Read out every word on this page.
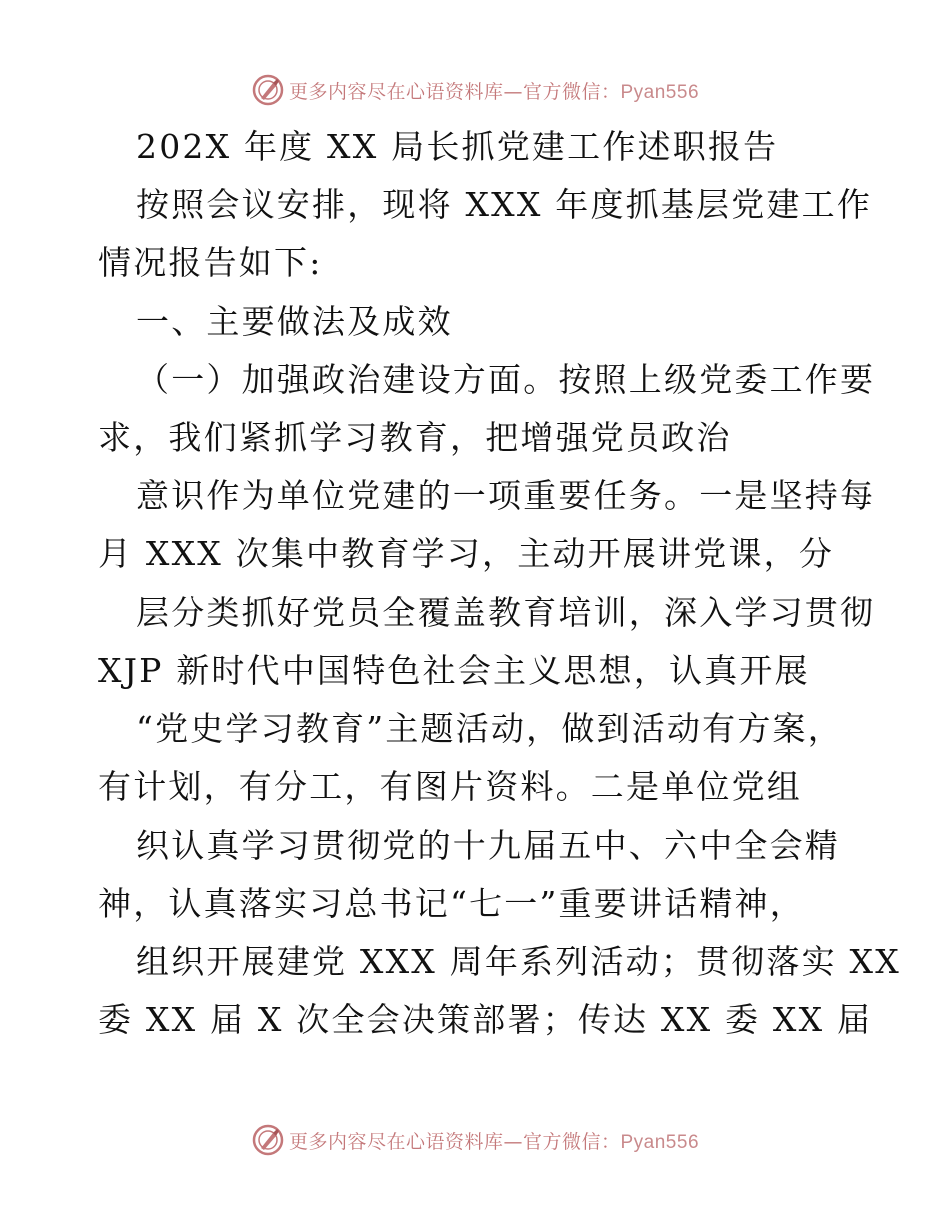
更多内容尽在心语资料库—官方微信：Pyan556
202X 年度 XX 局长抓党建工作述职报告
按照会议安排，现将 XXX 年度抓基层党建工作
情况报告如下:
一、主要做法及成效
（一）加强政治建设方面。按照上级党委工作要
求，我们紧抓学习教育，把增强党员政治
意识作为单位党建的一项重要任务。一是坚持每
月 XXX 次集中教育学习，主动开展讲党课，分
层分类抓好党员全覆盖教育培训，深入学习贯彻
XJP 新时代中国特色社会主义思想，认真开展
“党史学习教育”主题活动，做到活动有方案，
有计划，有分工，有图片资料。二是单位党组
织认真学习贯彻党的十九届五中、六中全会精
神，认真落实习总书记“七一”重要讲话精神，
组织开展建党 XXX 周年系列活动；贯彻落实 XX
委 XX 届 X 次全会决策部署；传达 XX 委 XX 届
更多内容尽在心语资料库—官方微信：Pyan556
